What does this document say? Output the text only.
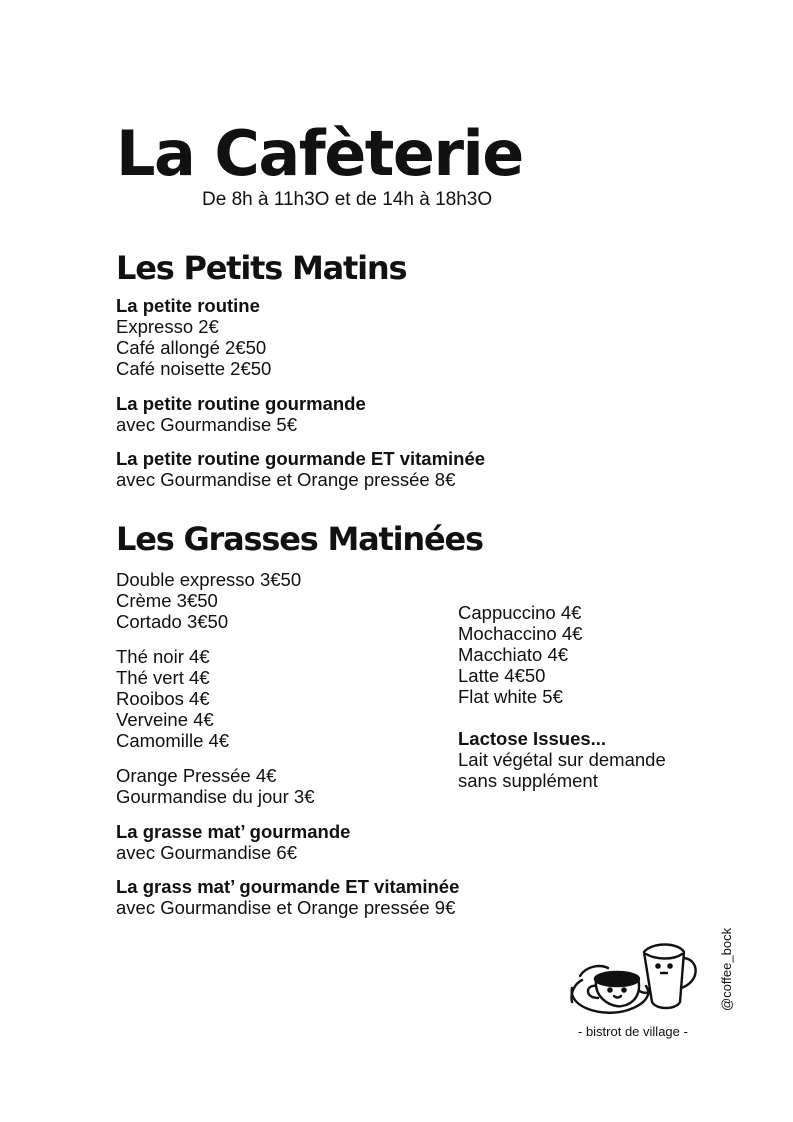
La Cafèterie
De 8h à 11h3O et de 14h à 18h3O
Les Petits Matins
La petite routine
Expresso 2€
Café allongé 2€50
Café noisette 2€50
La petite routine gourmande
avec Gourmandise 5€
La petite routine gourmande ET vitaminée
avec Gourmandise et Orange pressée 8€
Les Grasses Matinées
Double expresso 3€50
Crème 3€50
Cortado 3€50
Thé noir 4€
Thé vert 4€
Rooibos 4€
Verveine 4€
Camomille 4€
Orange Pressée 4€
Gourmandise du jour 3€
La grasse mat’ gourmande
avec Gourmandise 6€
La grass mat’ gourmande ET vitaminée
avec Gourmandise et Orange pressée 9€
Cappuccino 4€
Mochaccino 4€
Macchiato 4€
Latte 4€50
Flat white 5€
Lactose Issues...
Lait végétal sur demande
sans supplément
@coffee_bock
- bistrot de village -
